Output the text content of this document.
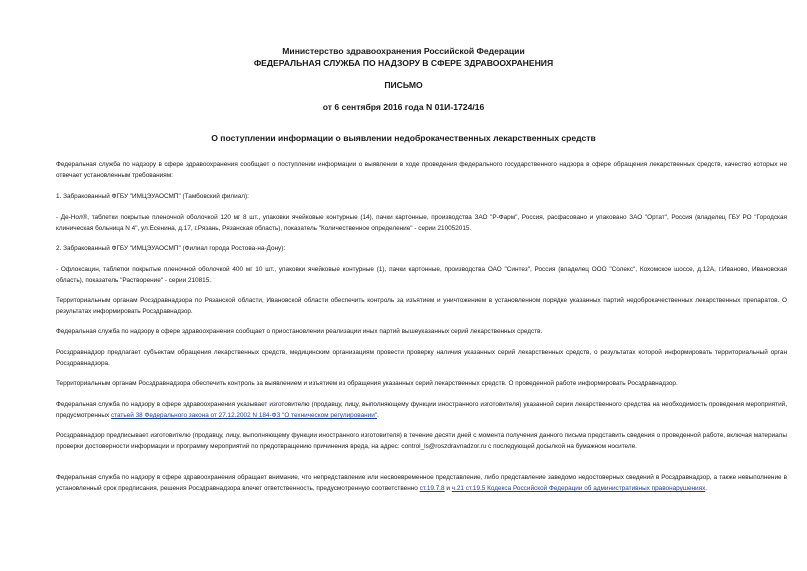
Министерство здравоохранения Российской Федерации
ФЕДЕРАЛЬНАЯ СЛУЖБА ПО НАДЗОРУ В СФЕРЕ ЗДРАВООХРАНЕНИЯ
ПИСЬМО
от 6 сентября 2016 года N 01И-1724/16
О поступлении информации о выявлении недоброкачественных лекарственных средств
Федеральная служба по надзору в сфере здравоохранения сообщает о поступлении информации о выявлении в ходе проведения федерального государственного надзора в сфере обращения лекарственных средств, качество которых не отвечает установленным требованиям:
1. Забракованный ФГБУ "ИМЦЭУАОСМП" (Тамбовский филиал):
- Де-Нол®, таблетки покрытые пленочной оболочкой 120 мг 8 шт., упаковки ячейковые контурные (14), пачки картонные, производства ЗАО "Р-Фарм", Россия, расфасовано и упаковано ЗАО "Ортат", Россия (владелец ГБУ РО "Городская клиническая больница N 4", ул.Есенина, д.17, г.Рязань, Рязанская область), показатель "Количественное определение" - серии 210052015.
2. Забракованный ФГБУ "ИМЦЭУАОСМП" (Филиал города Ростова-на-Дону):
- Офлоксацин, таблетки покрытые пленочной оболочкой 400 мг 10 шт., упаковки ячейковые контурные (1), пачки картонные, производства ОАО "Синтез", Россия (владелец ООО "Солекс", Кохомское шоссе, д.12А, г.Иваново, Ивановская область), показатель "Растворение" - серии 210815.
Территориальным органам Росздравнадзора по Рязанской области, Ивановской области обеспечить контроль за изъятием и уничтожением в установленном порядке указанных партий недоброкачественных лекарственных препаратов. О результатах информировать Росздравнадзор.
Федеральная служба по надзору в сфере здравоохранения сообщает о приостановлении реализации иных партий вышеуказанных серий лекарственных средств.
Росздравнадзор предлагает субъектам обращения лекарственных средств, медицинским организациям провести проверку наличия указанных серий лекарственных средств, о результатах которой информировать территориальный орган Росздравнадзора.
Территориальным органам Росздравнадзора обеспечить контроль за выявлением и изъятием из обращения указанных серий лекарственных средств. О проведенной работе информировать Росздравнадзор.
Федеральная служба по надзору в сфере здравоохранения указывает изготовителю (продавцу, лицу, выполняющему функции иностранного изготовителя) указанной серии лекарственного средства на необходимость проведения мероприятий, предусмотренных статьей 38 Федерального закона от 27.12.2002 N 184-ФЗ "О техническом регулировании".
Росздравнадзор предписывает изготовителю (продавцу, лицу, выполняющему функции иностранного изготовителя) в течение десяти дней с момента получения данного письма представить сведения о проведенной работе, включая материалы проверки достоверности информации и программу мероприятий по предотвращению причинения вреда, на адрес: control_ls@roszdravnadzor.ru с последующей досылкой на бумажном носителе.
Федеральная служба по надзору в сфере здравоохранения обращает внимание, что непредставление или несвоевременное представление, либо представление заведомо недостоверных сведений в Росздравнадзор, а также невыполнение в установленный срок предписания, решения Росздравнадзора влечет ответственность, предусмотренную соответственно ст.19.7.8 и ч.21 ст.19.5 Кодекса Российской Федерации об административных правонарушениях.
